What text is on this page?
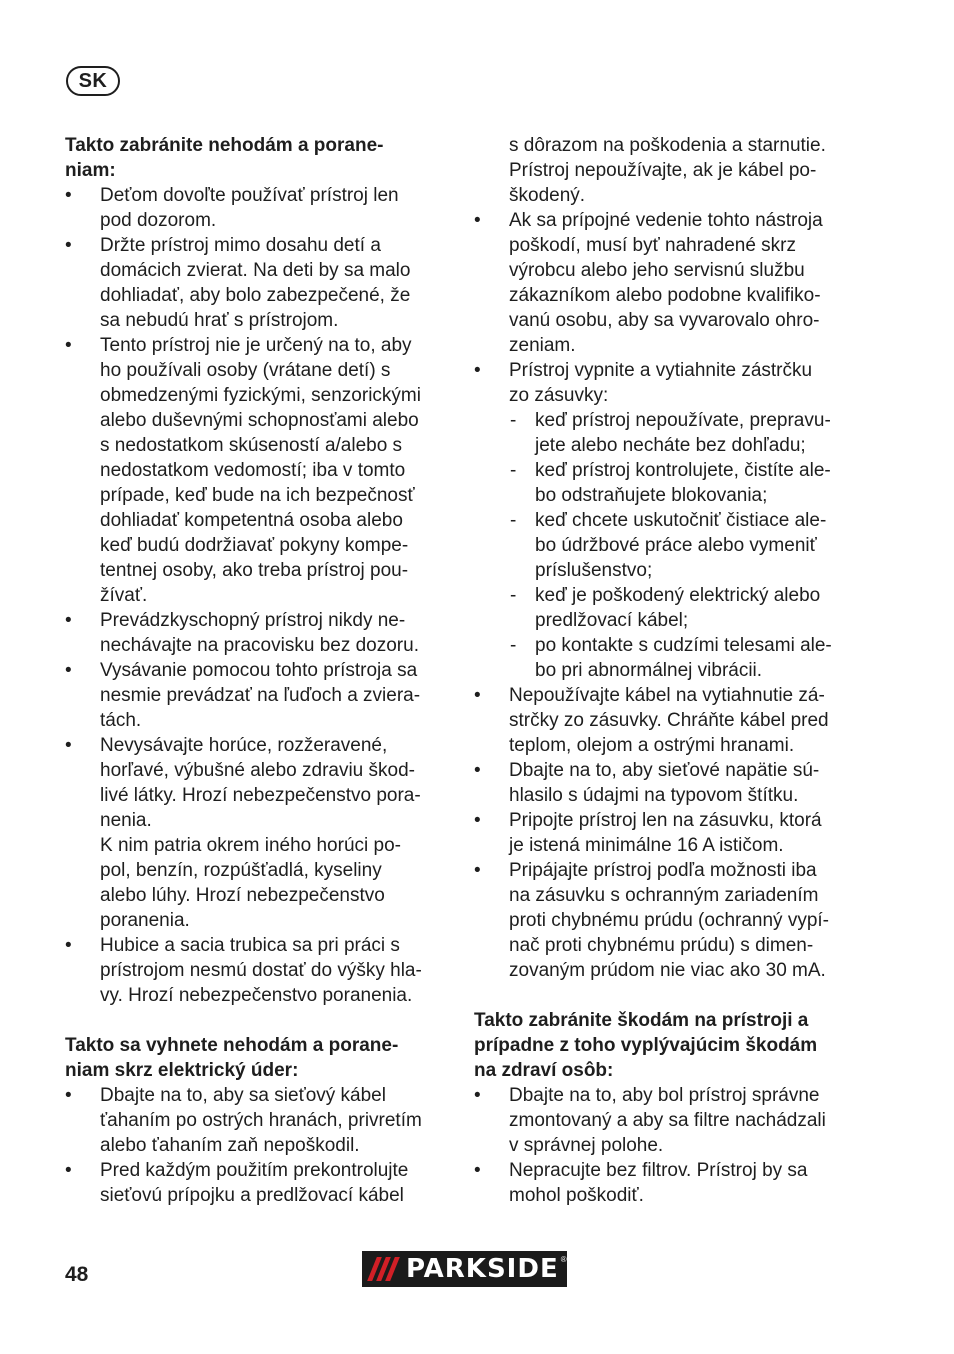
SK
Takto zabránite nehodám a porane-
niam:
•	Deťom dovoľte používať prístroj len
pod dozorom.
•	Držte prístroj mimo dosahu detí a
domácich zvierat. Na deti by sa malo
dohliadať, aby bolo zabezpečené, že
sa nebudú hrať s prístrojom.
•	Tento prístroj nie je určený na to, aby
ho používali osoby (vrátane detí) s
obmedzenými fyzickými, senzorickými
alebo duševnými schopnosťami alebo
s nedostatkom skúseností a/alebo s
nedostatkom vedomostí; iba v tomto
prípade, keď bude na ich bezpečnosť
dohliadať kompetentná osoba alebo
keď budú dodržiavať pokyny kompe-
tentnej osoby, ako treba prístroj pou-
žívať.
•	Prevádzkyschopný prístroj nikdy ne-
nechávajte na pracovisku bez dozoru.
•	Vysávanie pomocou tohto prístroja sa
nesmie prevádzať na ľuďoch a zviera-
tách.
•	Nevysávajte horúce, rozžeravené,
horľavé, výbušné alebo zdraviu škod-
livé látky. Hrozí nebezpečenstvo pora-
nenia.
K nim patria okrem iného horúci po-
pol, benzín, rozpúšťadlá, kyseliny
alebo lúhy. Hrozí nebezpečenstvo
poranenia.
•	Hubice a sacia trubica sa pri práci s
prístrojom nesmú dostať do výšky hla-
vy. Hrozí nebezpečenstvo poranenia.
Takto sa vyhnete nehodám a porane-
niam skrz elektrický úder:
•	Dbajte na to, aby sa sieťový kábel
ťahaním po ostrých hranách, privretím
alebo ťahaním zaň nepoškodil.
•	Pred každým použitím prekontrolujte
sieťovú prípojku a predlžovací kábel
s dôrazom na poškodenia a starnutie.
Prístroj nepoužívajte, ak je kábel po-
škodený.
•	Ak sa prípojné vedenie tohto nástroja
poškodí, musí byť nahradené skrz
výrobcu alebo jeho servisnú službu
zákazníkom alebo podobne kvalifiko-
vanú osobu, aby sa vyvarovalo ohro-
zeniam.
•	Prístroj vypnite a vytiahnite zástrčku
zo zásuvky:
- keď prístroj nepoužívate, prepravu-
jete alebo necháte bez dohľadu;
- keď prístroj kontrolujete, čistíte ale-
bo odstraňujete blokovania;
- keď chcete uskutočniť čistiace ale-
bo údržbové práce alebo vymeniť
príslušenstvo;
- keď je poškodený elektrický alebo
predlžovací kábel;
- po kontakte s cudzími telesami ale-
bo pri abnormálnej vibrácii.
•	Nepoužívajte kábel na vytiahnutie zá-
strčky zo zásuvky. Chráňte kábel pred
teplom, olejom a ostrými hranami.
•	Dbajte na to, aby sieťové napätie sú-
hlasilo s údajmi na typovom štítku.
•	Pripojte prístroj len na zásuvku, ktorá
je istená minimálne 16 A ističom.
•	Pripájajte prístroj podľa možnosti iba
na zásuvku s ochranným zariadením
proti chybnému prúdu (ochranný vypí-
nač proti chybnému prúdu) s dimen-
zovaným prúdom nie viac ako 30 mA.
Takto zabránite škodám na prístroji a
prípadne z toho vyplývajúcim škodám
na zdraví osôb:
•	Dbajte na to, aby bol prístroj správne
zmontovaný a aby sa filtre nachádzali
v správnej polohe.
•	Nepracujte bez filtrov. Prístroj by sa
mohol poškodiť.
48	PARKSIDE ®
